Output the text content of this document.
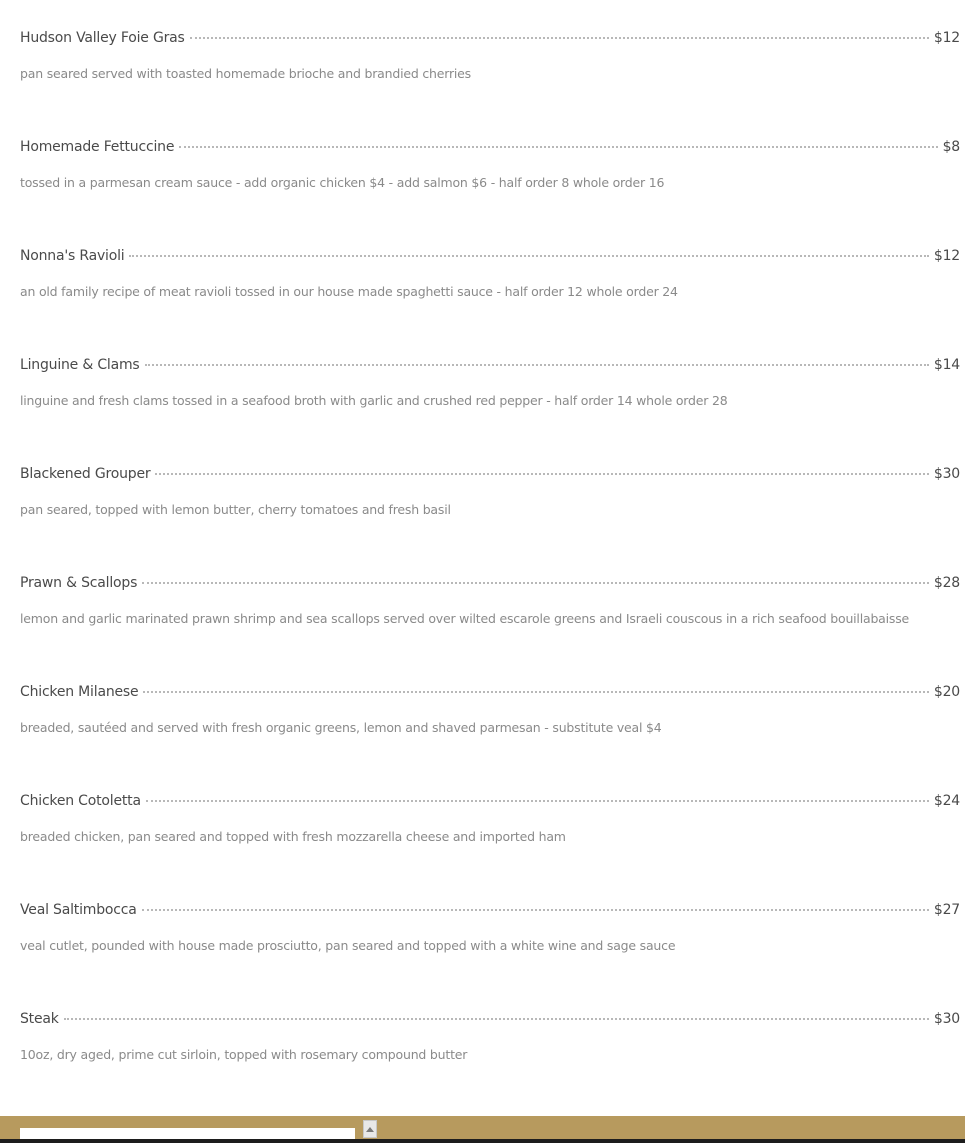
Hudson Valley Foie Gras	$12
pan seared served with toasted homemade brioche and brandied cherries
Homemade Fettuccine	$8
tossed in a parmesan cream sauce - add organic chicken $4 - add salmon $6 - half order 8 whole order 16
Nonna's Ravioli	$12
an old family recipe of meat ravioli tossed in our house made spaghetti sauce - half order 12 whole order 24
Linguine & Clams	$14
linguine and fresh clams tossed in a seafood broth with garlic and crushed red pepper - half order 14 whole order 28
Blackened Grouper	$30
pan seared, topped with lemon butter, cherry tomatoes and fresh basil
Prawn & Scallops	$28
lemon and garlic marinated prawn shrimp and sea scallops served over wilted escarole greens and Israeli couscous in a rich seafood bouillabaisse
Chicken Milanese	$20
breaded, sautéed and served with fresh organic greens, lemon and shaved parmesan - substitute veal $4
Chicken Cotoletta	$24
breaded chicken, pan seared and topped with fresh mozzarella cheese and imported ham
Veal Saltimbocca	$27
veal cutlet, pounded with house made prosciutto, pan seared and topped with a white wine and sage sauce
Steak	$30
10oz, dry aged, prime cut sirloin, topped with rosemary compound butter
